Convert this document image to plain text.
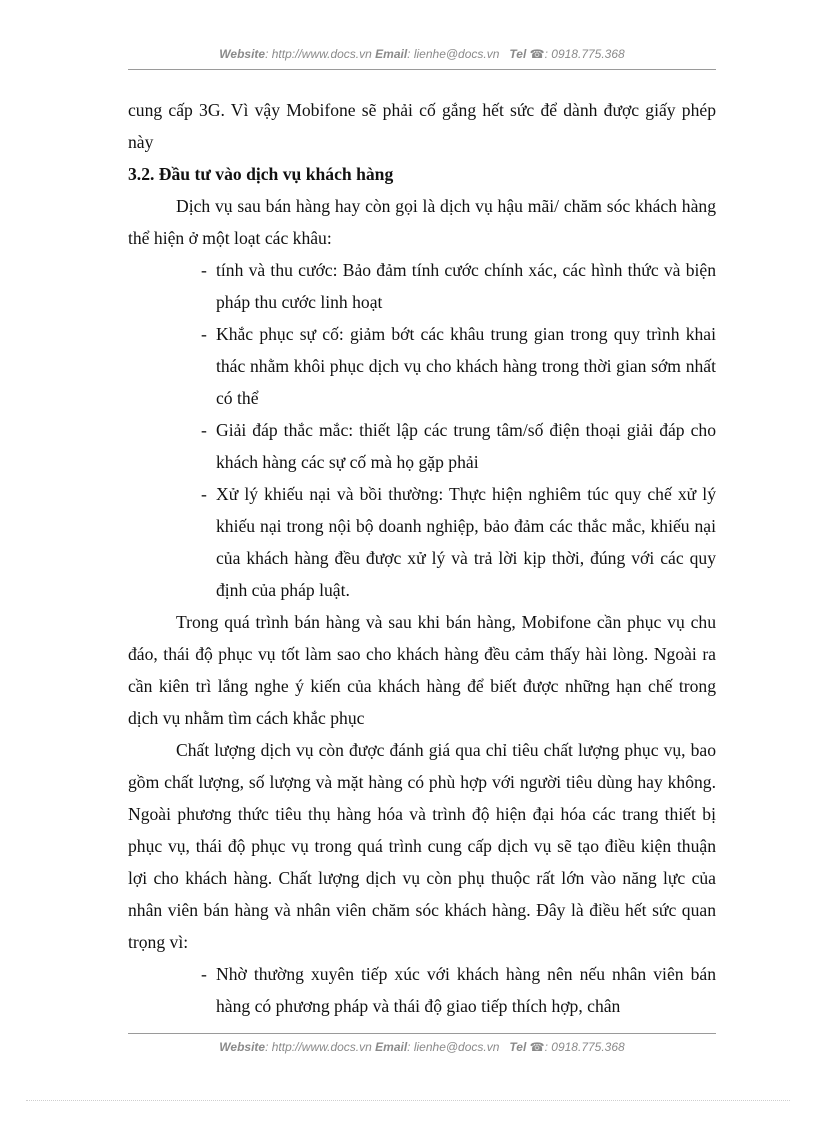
Website: http://www.docs.vn Email: lienhe@docs.vn Tel ☎: 0918.775.368

cung cấp 3G. Vì vậy Mobifone sẽ phải cố gắng hết sức để dành được giấy phép này

3.2. Đầu tư vào dịch vụ khách hàng

Dịch vụ sau bán hàng hay còn gọi là dịch vụ hậu mãi/ chăm sóc khách hàng thể hiện ở một loạt các khâu:

- tính và thu cước: Bảo đảm tính cước chính xác, các hình thức và biện pháp thu cước linh hoạt

- Khắc phục sự cố: giảm bớt các khâu trung gian trong quy trình khai thác nhằm khôi phục dịch vụ cho khách hàng trong thời gian sớm nhất có thể

- Giải đáp thắc mắc: thiết lập các trung tâm/số điện thoại giải đáp cho khách hàng các sự cố mà họ gặp phải

- Xử lý khiếu nại và bồi thường: Thực hiện nghiêm túc quy chế xử lý khiếu nại trong nội bộ doanh nghiệp, bảo đảm các thắc mắc, khiếu nại của khách hàng đều được xử lý và trả lời kịp thời, đúng với các quy định của pháp luật.

Trong quá trình bán hàng và sau khi bán hàng, Mobifone cần phục vụ chu đáo, thái độ phục vụ tốt làm sao cho khách hàng đều cảm thấy hài lòng. Ngoài ra cần kiên trì lắng nghe ý kiến của khách hàng để biết được những hạn chế trong dịch vụ nhằm tìm cách khắc phục

Chất lượng dịch vụ còn được đánh giá qua chỉ tiêu chất lượng phục vụ, bao gồm chất lượng, số lượng và mặt hàng có phù hợp với người tiêu dùng hay không. Ngoài phương thức tiêu thụ hàng hóa và trình độ hiện đại hóa các trang thiết bị phục vụ, thái độ phục vụ trong quá trình cung cấp dịch vụ sẽ tạo điều kiện thuận lợi cho khách hàng. Chất lượng dịch vụ còn phụ thuộc rất lớn vào năng lực của nhân viên bán hàng và nhân viên chăm sóc khách hàng. Đây là điều hết sức quan trọng vì:

- Nhờ thường xuyên tiếp xúc với khách hàng nên nếu nhân viên bán hàng có phương pháp và thái độ giao tiếp thích hợp, chân

Website: http://www.docs.vn Email: lienhe@docs.vn Tel ☎: 0918.775.368
